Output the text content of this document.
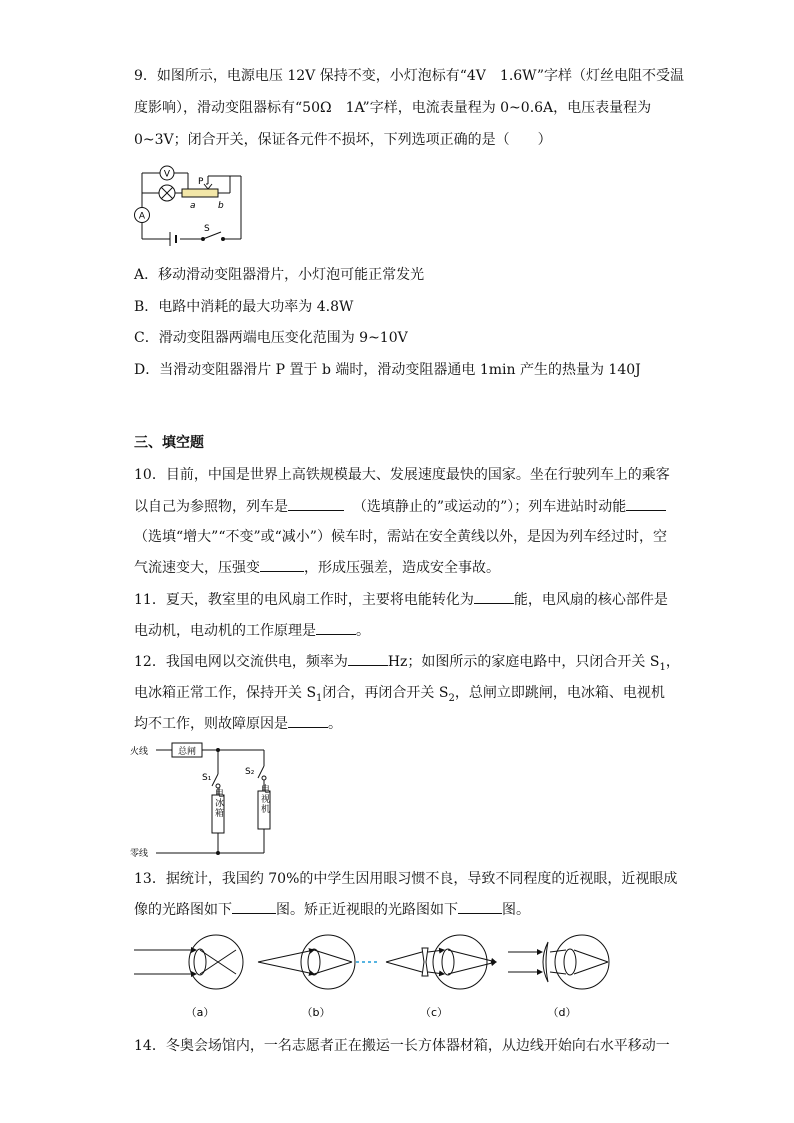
9．如图所示，电源电压 12V 保持不变，小灯泡标有“4V　1.6W”字样（灯丝电阻不受温
度影响），滑动变阻器标有“50Ω　1A”字样，电流表量程为 0~0.6A，电压表量程为
0~3V；闭合开关，保证各元件不损坏，下列选项正确的是（　　）
V
A
P
a b
S
A．移动滑动变阻器滑片，小灯泡可能正常发光
B．电路中消耗的最大功率为 4.8W
C．滑动变阻器两端电压变化范围为 9~10V
D．当滑动变阻器滑片 P 置于 b 端时，滑动变阻器通电 1min 产生的热量为 140J
三、填空题
10．目前，中国是世界上高铁规模最大、发展速度最快的国家。坐在行驶列车上的乘客
以自己为参照物，列车是	（选填静止的”或运动的”）；列车进站时动能
（选填“增大”“不变”或“减小”）候车时，需站在安全黄线以外，是因为列车经过时，空
气流速变大，压强变	，形成压强差，造成安全事故。
11．夏天，教室里的电风扇工作时，主要将电能转化为	能，电风扇的核心部件是
电动机，电动机的工作原理是	。
12．我国电网以交流供电，频率为	Hz；如图所示的家庭电路中，只闭合开关 $S_1$，
电冰箱正常工作，保持开关 $S_1$闭合，再闭合开关 $S_2$，总闸立即跳闸，电冰箱、电视机
均不工作，则故障原因是	。
火线
零线
总闸
S₁
S₂
电冰箱	电视机
13．据统计，我国约 70%的中学生因用眼习惯不良，导致不同程度的近视眼，近视眼成
像的光路图如下	图。矫正近视眼的光路图如下	图。
（a）	（b）	（c）	（d）
14．冬奥会场馆内，一名志愿者正在搬运一长方体器材箱，从边线开始向右水平移动一
